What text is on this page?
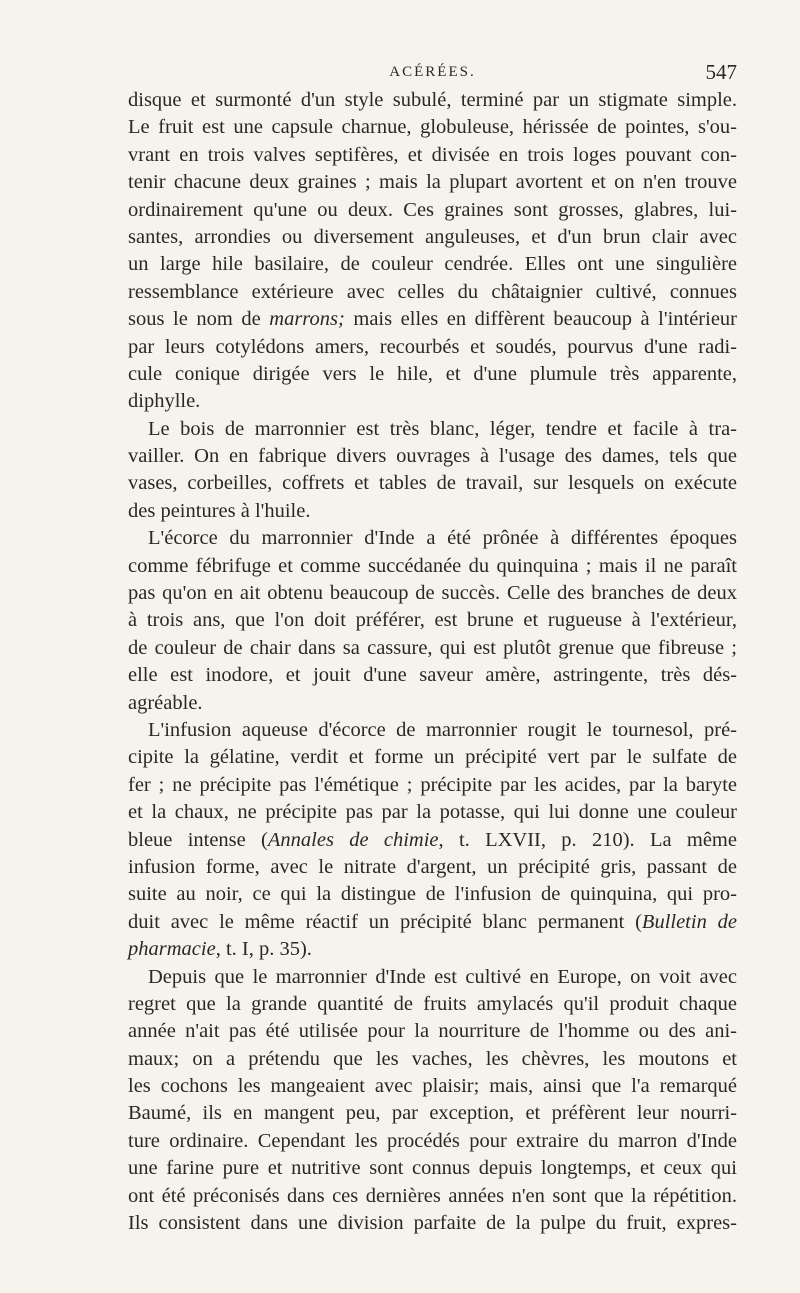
ACÉRÉES.	547
disque et surmonté d'un style subulé, terminé par un stigmate simple.
Le fruit est une capsule charnue, globuleuse, hérissée de pointes, s'ou-
vrant en trois valves septifères, et divisée en trois loges pouvant con-
tenir chacune deux graines ; mais la plupart avortent et on n'en trouve
ordinairement qu'une ou deux. Ces graines sont grosses, glabres, lui-
santes, arrondies ou diversement anguleuses, et d'un brun clair avec
un large hile basilaire, de couleur cendrée. Elles ont une singulière
ressemblance extérieure avec celles du châtaignier cultivé, connues
sous le nom de marrons; mais elles en diffèrent beaucoup à l'intérieur
par leurs cotylédons amers, recourbés et soudés, pourvus d'une radi-
cule conique dirigée vers le hile, et d'une plumule très apparente,
diphylle.
Le bois de marronnier est très blanc, léger, tendre et facile à tra-
vailler. On en fabrique divers ouvrages à l'usage des dames, tels que
vases, corbeilles, coffrets et tables de travail, sur lesquels on exécute
des peintures à l'huile.
L'écorce du marronnier d'Inde a été prônée à différentes époques
comme fébrifuge et comme succédanée du quinquina ; mais il ne paraît
pas qu'on en ait obtenu beaucoup de succès. Celle des branches de deux
à trois ans, que l'on doit préférer, est brune et rugueuse à l'extérieur,
de couleur de chair dans sa cassure, qui est plutôt grenue que fibreuse ;
elle est inodore, et jouit d'une saveur amère, astringente, très dés-
agréable.
L'infusion aqueuse d'écorce de marronnier rougit le tournesol, pré-
cipite la gélatine, verdit et forme un précipité vert par le sulfate de
fer ; ne précipite pas l'émétique ; précipite par les acides, par la baryte
et la chaux, ne précipite pas par la potasse, qui lui donne une couleur
bleue intense (Annales de chimie, t. LXVII, p. 210). La même
infusion forme, avec le nitrate d'argent, un précipité gris, passant de
suite au noir, ce qui la distingue de l'infusion de quinquina, qui pro-
duit avec le même réactif un précipité blanc permanent (Bulletin de
pharmacie, t. I, p. 35).
Depuis que le marronnier d'Inde est cultivé en Europe, on voit avec
regret que la grande quantité de fruits amylacés qu'il produit chaque
année n'ait pas été utilisée pour la nourriture de l'homme ou des ani-
maux; on a prétendu que les vaches, les chèvres, les moutons et
les cochons les mangeaient avec plaisir; mais, ainsi que l'a remarqué
Baumé, ils en mangent peu, par exception, et préfèrent leur nourri-
ture ordinaire. Cependant les procédés pour extraire du marron d'Inde
une farine pure et nutritive sont connus depuis longtemps, et ceux qui
ont été préconisés dans ces dernières années n'en sont que la répétition.
Ils consistent dans une division parfaite de la pulpe du fruit, expres-
